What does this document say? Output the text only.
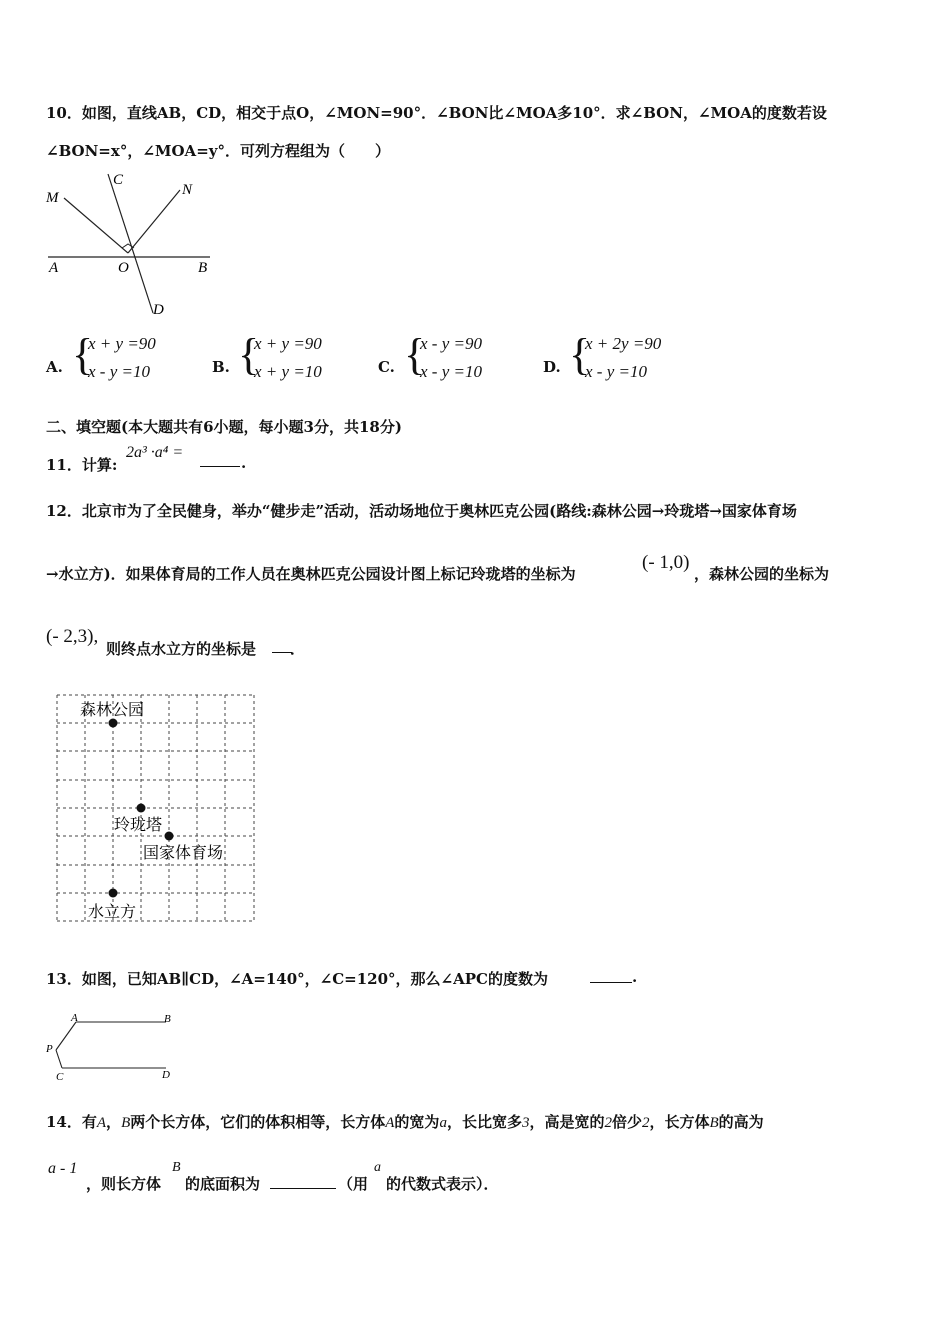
10．如图，直线AB，CD，相交于点O，∠MON=90°．∠BON比∠MOA多10°．求∠BON，∠MOA的度数若设
∠BON=x°，∠MOA=y°．可列方程组为（　　）
M
C
N
A	O	B
D
A. {
x + y =90
x - y =10	B. {
x + y =90
x + y =10	C. {
x - y =90
x - y =10	D. {
x + 2y =90
x - y =10
二、填空题(本大题共有6小题，每小题3分，共18分)
11．计算:
2a³ ·a⁴ =
.
12．北京市为了全民健身，举办“健步走”活动，活动场地位于奥林匹克公园(路线:森林公园→玲珑塔→国家体育场
→水立方)．如果体育局的工作人员在奥林匹克公园设计图上标记玲珑塔的坐标为
(- 1,0)
，森林公园的坐标为
(- 2,3),
则终点水立方的坐标是 ．
森林公园
玲珑塔
国家体育场
水立方
13．如图，已知AB∥CD，∠A=140°，∠C=120°，那么∠APC的度数为	.
A	B
P
C	D
14．有A，B两个长方体，它们的体积相等，长方体A的宽为a，长比宽多3，高是宽的2倍少2，长方体B的高为
a - 1
，则长方体
B
的底面积为	（用
a
的代数式表示）．
